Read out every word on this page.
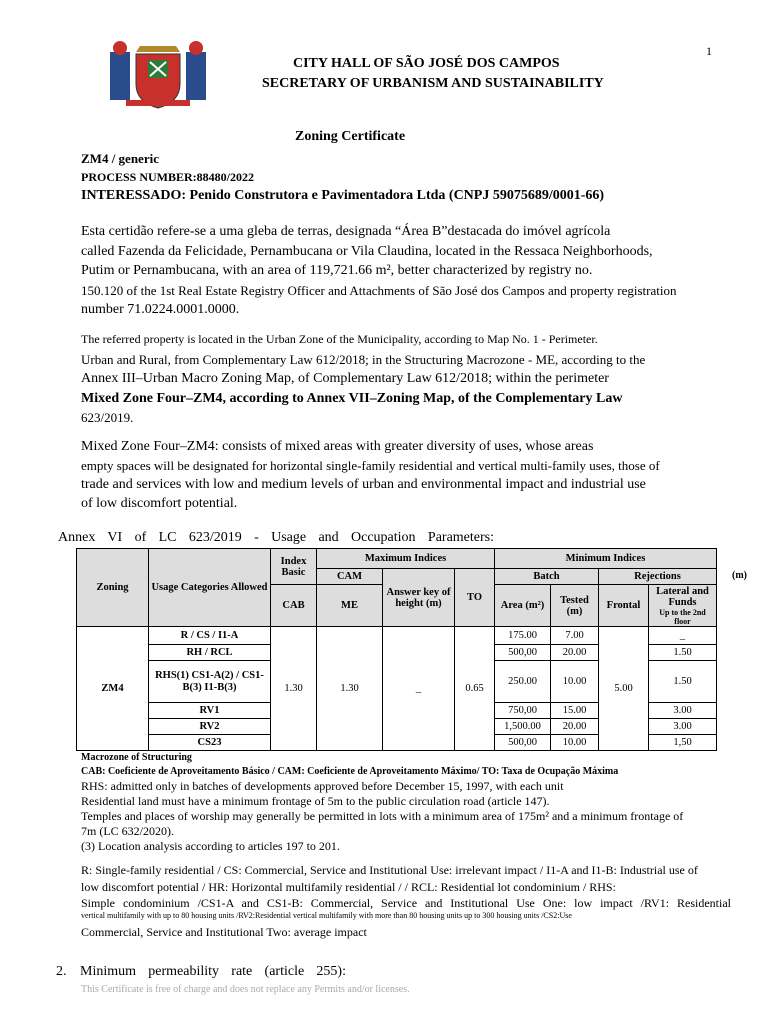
1
CITY HALL OF SÃO JOSÉ DOS CAMPOS
SECRETARY OF URBANISM AND SUSTAINABILITY
Zoning Certificate
ZM4 / generic
PROCESS NUMBER:88480/2022
INTERESSADO: Penido Construtora e Pavimentadora Ltda (CNPJ 59075689/0001-66)
Esta certidão refere-se a uma gleba de terras, designada “Área B”destacada do imóvel agrícola
called Fazenda da Felicidade, Pernambucana or Vila Claudina, located in the Ressaca Neighborhoods,
Putim or Pernambucana, with an area of 119,721.66 m², better characterized by registry no.
150.120 of the 1st Real Estate Registry Officer and Attachments of São José dos Campos and property registration
number 71.0224.0001.0000.
The referred property is located in the Urban Zone of the Municipality, according to Map No. 1 - Perimeter.
Urban and Rural, from Complementary Law 612/2018; in the Structuring Macrozone - ME, according to the
Annex III–Urban Macro Zoning Map, of Complementary Law 612/2018; within the perimeter
Mixed Zone Four–ZM4, according to Annex VII–Zoning Map, of the Complementary Law
623/2019.
Mixed Zone Four–ZM4: consists of mixed areas with greater diversity of uses, whose areas
empty spaces will be designated for horizontal single-family residential and vertical multi-family uses, those of
trade and services with low and medium levels of urban and environmental impact and industrial use
of low discomfort potential.
Annex VI of LC 623/2019 - Usage and Occupation Parameters:
Zoning	Usage Categories Allowed	Index Basic	Maximum Indices			Minimum Indices			
			CAM	Answer key of height (m)	TO	Batch		Rejections	
		CAB	ME			Area (m²)	Tested (m)	Frontal	Lateral and Funds
Up to the 2nd floor

ZM4	R / CS / I1-A	1.30	1.30	_	0.65	175.00	7.00	5.00	_
	RH / RCL					500,00	20.00		1.50
	RHS(1) CS1-A(2) / CS1-B(3) I1-B(3)					250.00	10.00		1.50
	RV1					750,00	15.00		3.00
	RV2					1,500.00	20.00		3.00
	CS23					500,00	10.00		1,50
(m)
Macrozone of Structuring
CAB: Coeficiente de Aproveitamento Básico / CAM: Coeficiente de Aproveitamento Máximo/ TO: Taxa de Ocupação Máxima
RHS: admitted only in batches of developments approved before December 15, 1997, with each unit
Residential land must have a minimum frontage of 5m to the public circulation road (article 147).
Temples and places of worship may generally be permitted in lots with a minimum area of 175m² and a minimum frontage of
7m (LC 632/2020).
(3) Location analysis according to articles 197 to 201.
R: Single-family residential / CS: Commercial, Service and Institutional Use: irrelevant impact / I1-A and I1-B: Industrial use of
low discomfort potential / HR: Horizontal multifamily residential / / RCL: Residential lot condominium / RHS:
Simple condominium /CS1-A and CS1-B: Commercial, Service and Institutional Use One: low impact /RV1: Residential
vertical multifamily with up to 80 housing units /RV2:Residential vertical multifamily with more than 80 housing units up to 300 housing units /CS2:Use
Commercial, Service and Institutional Two: average impact
2. Minimum permeability rate (article 255):
This Certificate is free of charge and does not replace any Permits and/or licenses.
